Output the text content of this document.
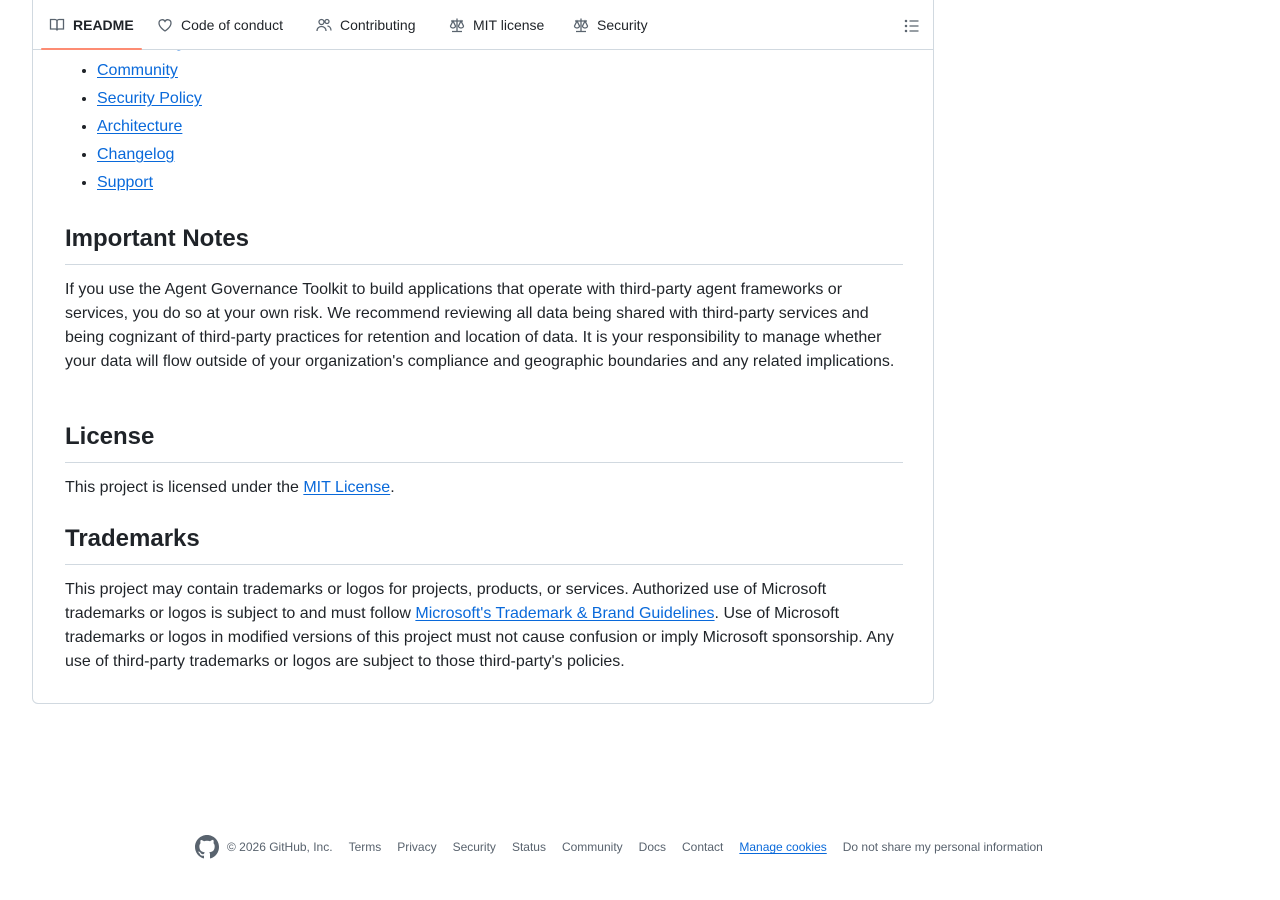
README	Code of conduct	Contributing	MIT license	Security
•
• Community
• Security Policy
• Architecture
• Changelog
• Support
Important Notes

If you use the Agent Governance Toolkit to build applications that operate with third-party agent frameworks or services, you do so at your own risk. We recommend reviewing all data being shared with third-party services and being cognizant of third-party practices for retention and location of data. It is your responsibility to manage whether your data will flow outside of your organization's compliance and geographic boundaries and any related implications.

License

This project is licensed under the MIT License.

Trademarks

This project may contain trademarks or logos for projects, products, or services. Authorized use of Microsoft trademarks or logos is subject to and must follow Microsoft's Trademark & Brand Guidelines. Use of Microsoft trademarks or logos in modified versions of this project must not cause confusion or imply Microsoft sponsorship. Any use of third-party trademarks or logos are subject to those third-party's policies.

© 2026 GitHub, Inc. Terms Privacy Security Status Community Docs Contact Manage cookies Do not share my personal information
